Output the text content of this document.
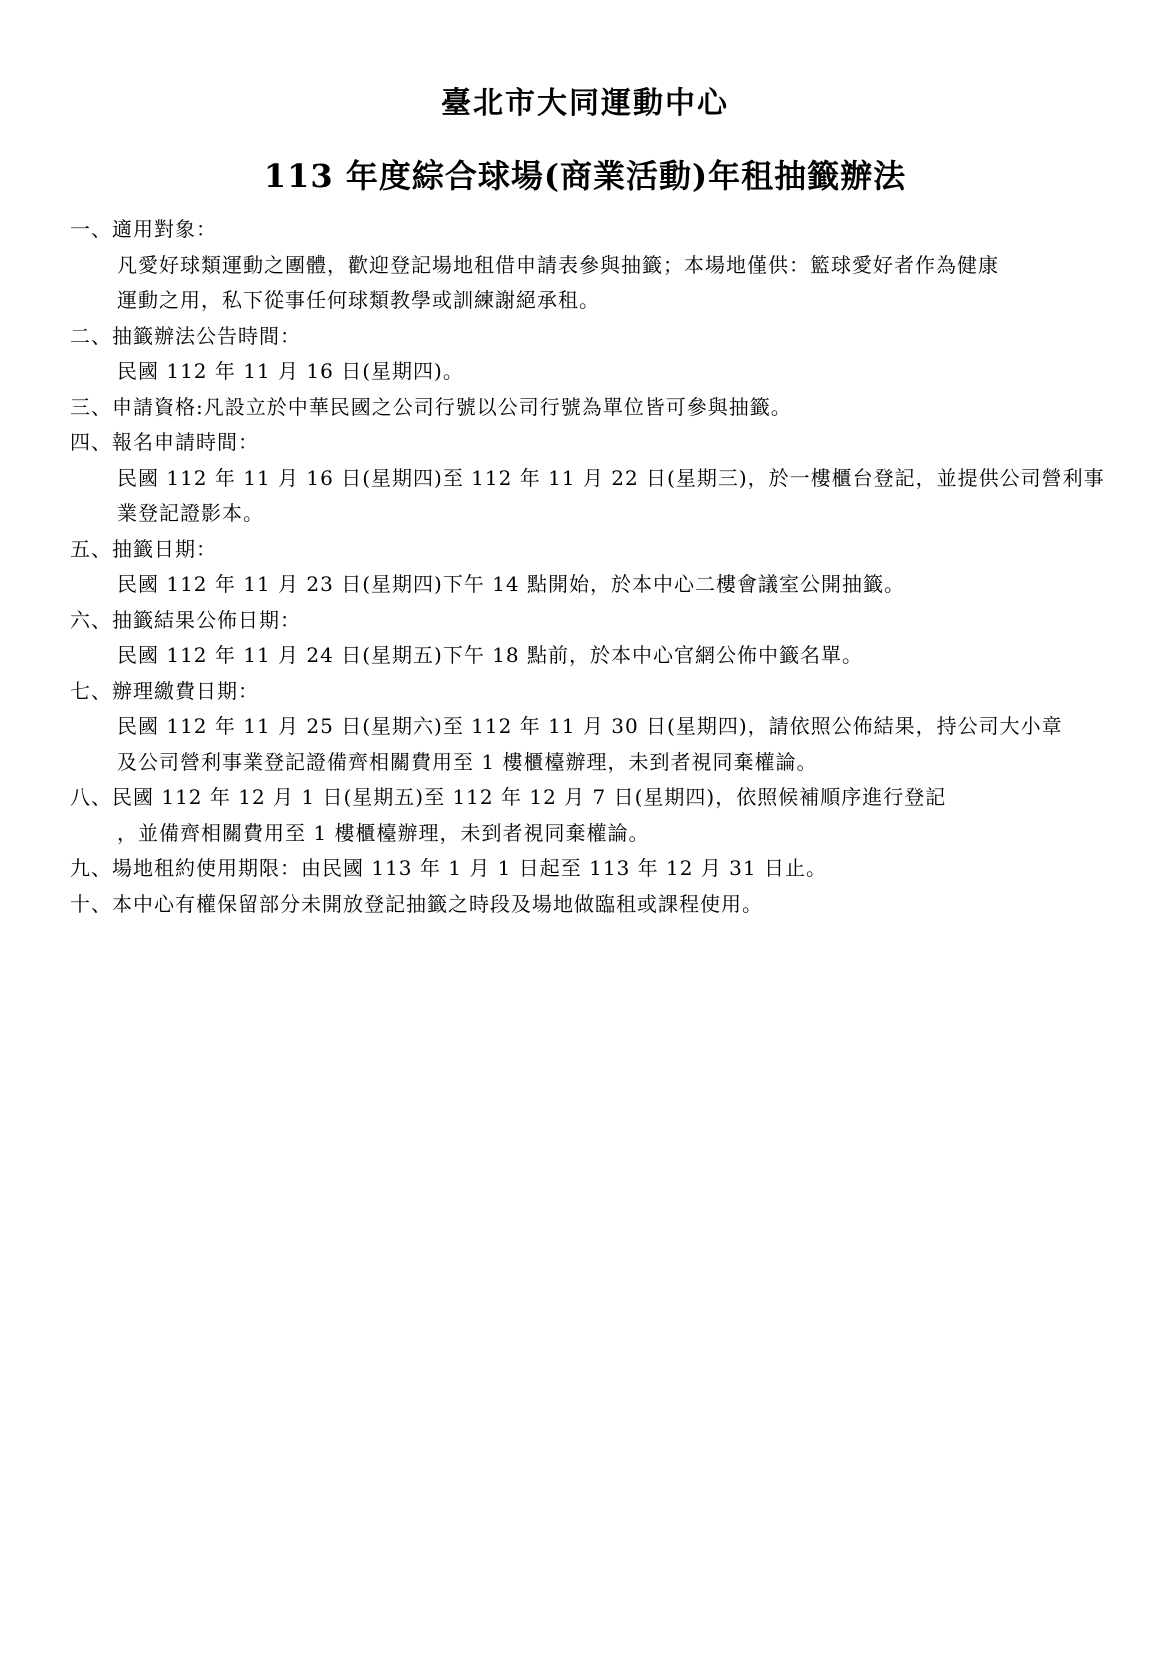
臺北市大同運動中心
113 年度綜合球場(商業活動)年租抽籤辦法
一、適用對象：
凡愛好球類運動之團體，歡迎登記場地租借申請表參與抽籤；本場地僅供：籃球愛好者作為健康
運動之用，私下從事任何球類教學或訓練謝絕承租。
二、抽籤辦法公告時間：
民國 112 年 11 月 16 日(星期四)。
三、申請資格:凡設立於中華民國之公司行號以公司行號為單位皆可參與抽籤。
四、報名申請時間：
民國 112 年 11 月 16 日(星期四)至 112 年 11 月 22 日(星期三)，於一樓櫃台登記，並提供公司營利事
業登記證影本。
五、抽籤日期：
民國 112 年 11 月 23 日(星期四)下午 14 點開始，於本中心二樓會議室公開抽籤。
六、抽籤結果公佈日期：
民國 112 年 11 月 24 日(星期五)下午 18 點前，於本中心官網公佈中籤名單。
七、辦理繳費日期：
民國 112 年 11 月 25 日(星期六)至 112 年 11 月 30 日(星期四)，請依照公佈結果，持公司大小章
及公司營利事業登記證備齊相關費用至 1 樓櫃檯辦理，未到者視同棄權論。
八、民國 112 年 12 月 1 日(星期五)至 112 年 12 月 7 日(星期四)，依照候補順序進行登記
，並備齊相關費用至 1 樓櫃檯辦理，未到者視同棄權論。
九、場地租約使用期限：由民國 113 年 1 月 1 日起至 113 年 12 月 31 日止。
十、本中心有權保留部分未開放登記抽籤之時段及場地做臨租或課程使用。
